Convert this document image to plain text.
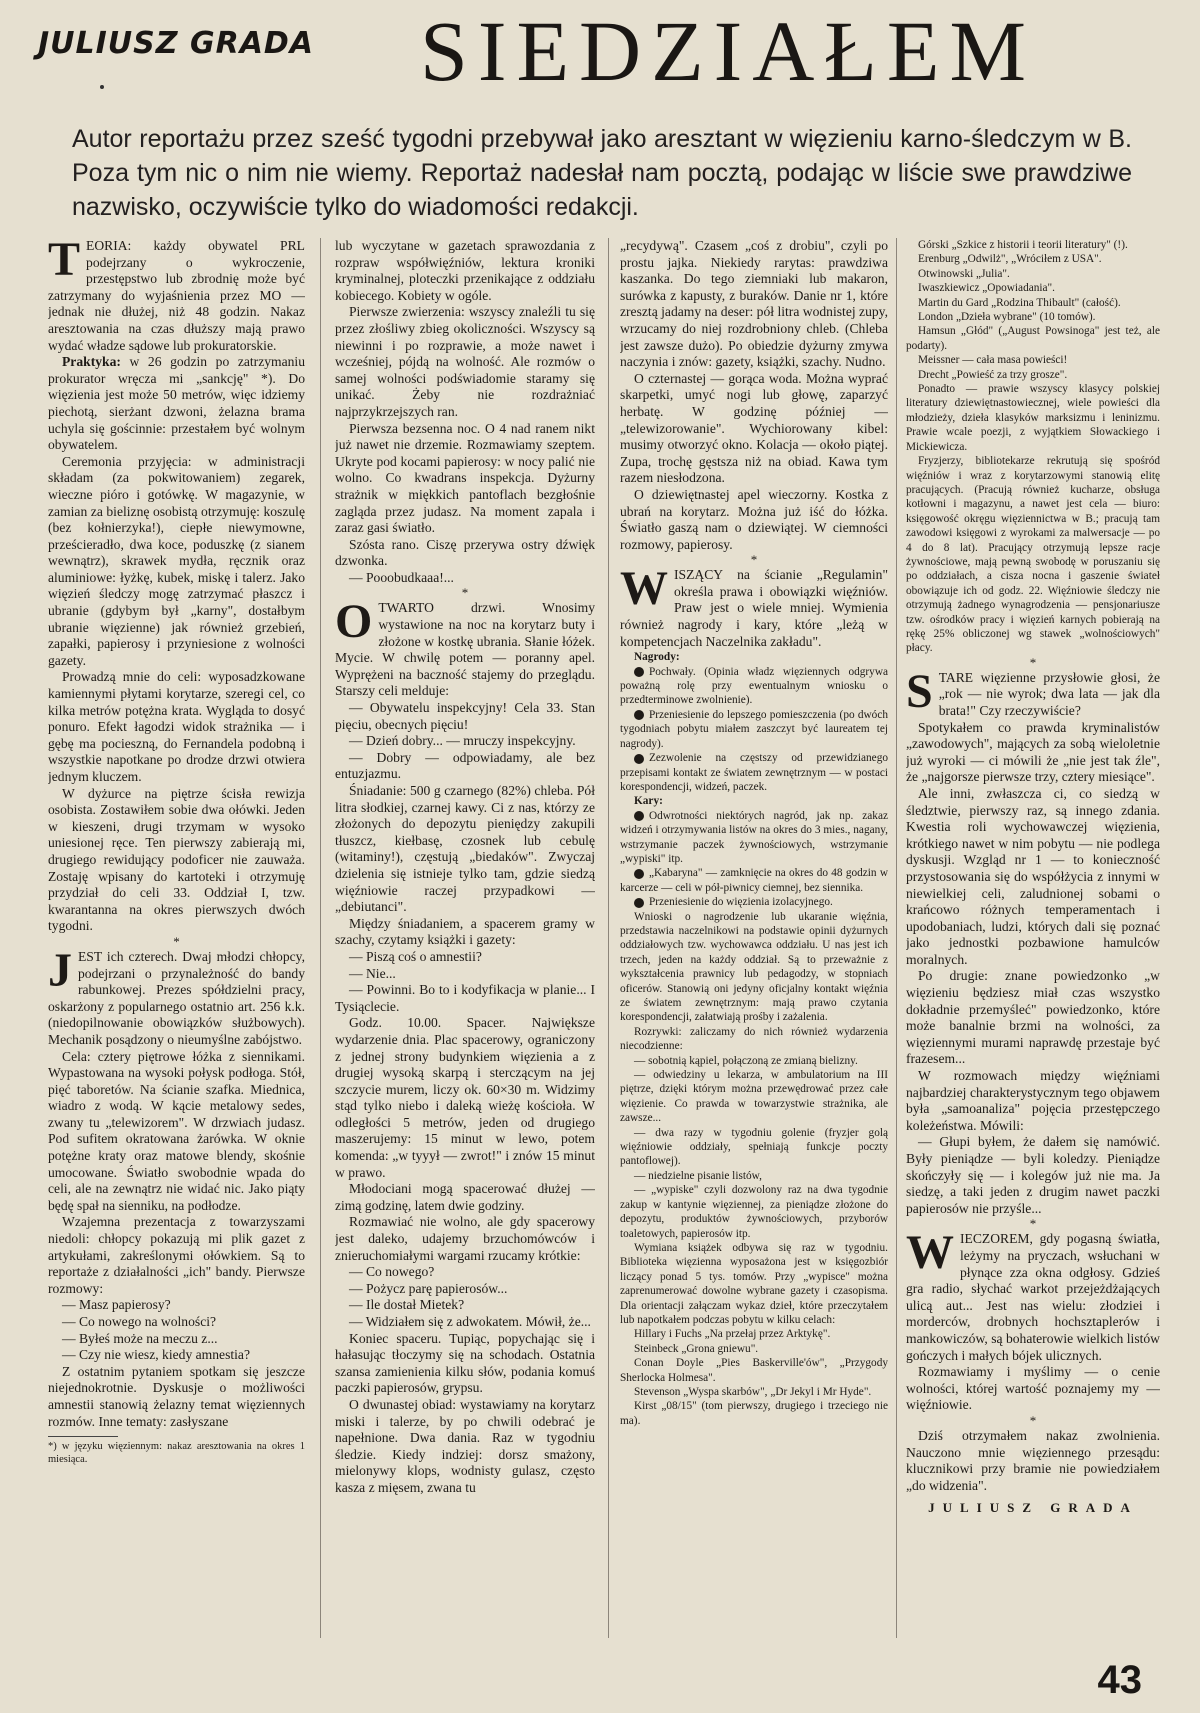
JULIUSZ GRADA SIEDZIAŁEM
Autor reportażu przez sześć tygodni przebywał jako aresztant w więzieniu karno-śledczym w B. Poza tym nic o nim nie wiemy. Reportaż nadesłał nam pocztą, podając w liście swe prawdziwe nazwisko, oczywiście tylko do wiadomości redakcji.

TEORIA: każdy obywatel PRL podejrzany o wykroczenie, przestępstwo lub zbrodnię może być zatrzymany do wyjaśnienia przez MO — jednak nie dłużej, niż 48 godzin. Nakaz aresztowania na czas dłuższy mają prawo wydać władze sądowe lub prokuratorskie.

Praktyka: w 26 godzin po zatrzymaniu prokurator wręcza mi „sankcję" *). Do więzienia jest może 50 metrów, więc idziemy piechotą, sierżant dzwoni, żelazna brama uchyla się gościnnie: przestałem być wolnym obywatelem.

Ceremonia przyjęcia: w administracji składam (za pokwitowaniem) zegarek, wieczne pióro i gotówkę. W magazynie, w zamian za bieliznę osobistą otrzymuję: koszulę (bez kołnierzyka!), ciepłe niewymowne, prześcieradło, dwa koce, poduszkę (z sianem wewnątrz), skrawek mydła, ręcznik oraz aluminiowe: łyżkę, kubek, miskę i talerz. Jako więzień śledczy mogę zatrzymać płaszcz i ubranie (gdybym był „karny", dostałbym ubranie więzienne) jak również grzebień, zapałki, papierosy i przyniesione z wolności gazety.

Prowadzą mnie do celi: wyposadzkowane kamiennymi płytami korytarze, szeregi cel, co kilka metrów potężna krata. Wygląda to dosyć ponuro. Efekt łagodzi widok strażnika — i gębę ma pocieszną, do Fernandela podobną i wszystkie napotkane po drodze drzwi otwiera jednym kluczem.

W dyżurce na piętrze ścisła rewizja osobista. Zostawiłem sobie dwa ołówki. Jeden w kieszeni, drugi trzymam w wysoko uniesionej ręce. Ten pierwszy zabierają mi, drugiego rewidujący podoficer nie zauważa. Zostaję wpisany do kartoteki i otrzymuję przydział do celi 33. Oddział I, tzw. kwarantanna na okres pierwszych dwóch tygodni.

*

JEST ich czterech. Dwaj młodzi chłopcy, podejrzani o przynależność do bandy rabunkowej. Prezes spółdzielni pracy, oskarżony z popularnego ostatnio art. 256 k.k. (niedopilnowanie obowiązków służbowych). Mechanik posądzony o nieumyślne zabójstwo.

Cela: cztery piętrowe łóżka z siennikami. Wypastowana na wysoki połysk podłoga. Stół, pięć taboretów. Na ścianie szafka. Miednica, wiadro z wodą. W kącie metalowy sedes, zwany tu „telewizorem". W drzwiach judasz. Pod sufitem okratowana żarówka. W oknie potężne kraty oraz matowe blendy, skośnie umocowane. Światło swobodnie wpada do celi, ale na zewnątrz nie widać nic. Jako piąty będę spał na sienniku, na podłodze.

Wzajemna prezentacja z towarzyszami niedoli: chłopcy pokazują mi plik gazet z artykułami, zakreślonymi ołówkiem. Są to reportaże z działalności „ich" bandy. Pierwsze rozmowy:

— Masz papierosy?

— Co nowego na wolności?

— Byłeś może na meczu z...

— Czy nie wiesz, kiedy amnestia?

Z ostatnim pytaniem spotkam się jeszcze niejednokrotnie. Dyskusje o możliwości amnestii stanowią żelazny temat więziennych rozmów. Inne tematy: zasłyszane

*) w języku więziennym: nakaz aresztowania na okres 1 miesiąca.

lub wyczytane w gazetach sprawozdania z rozpraw współwięźniów, lektura kroniki kryminalnej, ploteczki przenikające z oddziału kobiecego. Kobiety w ogóle.

Pierwsze zwierzenia: wszyscy znaleźli tu się przez złośliwy zbieg okoliczności. Wszyscy są niewinni i po rozprawie, a może nawet i wcześniej, pójdą na wolność. Ale rozmów o samej wolności podświadomie staramy się unikać. Żeby nie rozdrażniać najprzykrzejszych ran.

Pierwsza bezsenna noc. O 4 nad ranem nikt już nawet nie drzemie. Rozmawiamy szeptem. Ukryte pod kocami papierosy: w nocy palić nie wolno. Co kwadrans inspekcja. Dyżurny strażnik w miękkich pantoflach bezgłośnie zagląda przez judasz. Na moment zapala i zaraz gasi światło.

Szósta rano. Ciszę przerywa ostry dźwięk dzwonka.

— Pooobudkaaa!...

*

OTWARTO drzwi. Wnosimy wystawione na noc na korytarz buty i złożone w kostkę ubrania. Słanie łóżek. Mycie. W chwilę potem — poranny apel. Wyprężeni na baczność stajemy do przeglądu. Starszy celi melduje:

— Obywatelu inspekcyjny! Cela 33. Stan pięciu, obecnych pięciu!

— Dzień dobry... — mruczy inspekcyjny.

— Dobry — odpowiadamy, ale bez entuzjazmu.

Śniadanie: 500 g czarnego (82%) chleba. Pół litra słodkiej, czarnej kawy. Ci z nas, którzy ze złożonych do depozytu pieniędzy zakupili tłuszcz, kiełbasę, czosnek lub cebulę (witaminy!), częstują „biedaków". Zwyczaj dzielenia się istnieje tylko tam, gdzie siedzą więźniowie raczej przypadkowi — „debiutanci".

Między śniadaniem, a spacerem gramy w szachy, czytamy książki i gazety:

— Piszą coś o amnestii?

— Nie...

— Powinni. Bo to i kodyfikacja w planie... I Tysiąclecie.

Godz. 10.00. Spacer. Największe wydarzenie dnia. Plac spacerowy, ograniczony z jednej strony budynkiem więzienia a z drugiej wysoką skarpą i sterczącym na jej szczycie murem, liczy ok. 60×30 m. Widzimy stąd tylko niebo i daleką wieżę kościoła. W odległości 5 metrów, jeden od drugiego maszerujemy: 15 minut w lewo, potem komenda: „w tyyył — zwrot!" i znów 15 minut w prawo.

Młodociani mogą spacerować dłużej — zimą godzinę, latem dwie godziny.

Rozmawiać nie wolno, ale gdy spacerowy jest daleko, udajemy brzuchomówców i znieruchomiałymi wargami rzucamy krótkie:

— Co nowego?

— Pożycz parę papierosów...

— Ile dostał Mietek?

— Widziałem się z adwokatem. Mówił, że...

Koniec spaceru. Tupiąc, popychając się i hałasując tłoczymy się na schodach. Ostatnia szansa zamienienia kilku słów, podania komuś paczki papierosów, grypsu.

O dwunastej obiad: wystawiamy na korytarz miski i talerze, by po chwili odebrać je napełnione. Dwa dania. Raz w tygodniu śledzie. Kiedy indziej: dorsz smażony, mielonywy klops, wodnisty gulasz, często kasza z mięsem, zwana tu

„recydywą". Czasem „coś z drobiu", czyli po prostu jajka. Niekiedy rarytas: prawdziwa kaszanka. Do tego ziemniaki lub makaron, surówka z kapusty, z buraków. Danie nr 1, które zresztą jadamy na deser: pół litra wodnistej zupy, wrzucamy do niej rozdrobniony chleb. (Chleba jest zawsze dużo). Po obiedzie dyżurny zmywa naczynia i znów: gazety, książki, szachy. Nudno.

O czternastej — gorąca woda. Można wyprać skarpetki, umyć nogi lub głowę, zaparzyć herbatę. W godzinę później — „telewizorowanie". Wychiorowany kibel: musimy otworzyć okno. Kolacja — około piątej. Zupa, trochę gęstsza niż na obiad. Kawa tym razem niesłodzona.

O dziewiętnastej apel wieczorny. Kostka z ubrań na korytarz. Można już iść do łóżka. Światło gaszą nam o dziewiątej. W ciemności rozmowy, papierosy.

*

WISZĄCY na ścianie „Regulamin" określa prawa i obowiązki więźniów. Praw jest o wiele mniej. Wymienia również nagrody i kary, które „leżą w kompetencjach Naczelnika zakładu".

Nagrody:

Pochwały. (Opinia władz więziennych odgrywa poważną rolę przy ewentualnym wniosku o przedterminowe zwolnienie).

Przeniesienie do lepszego pomieszczenia (po dwóch tygodniach pobytu miałem zaszczyt być laureatem tej nagrody).

Zezwolenie na częstszy od przewidzianego przepisami kontakt ze światem zewnętrznym — w postaci korespondencji, widzeń, paczek.

Kary:

Odwrotności niektórych nagród, jak np. zakaz widzeń i otrzymywania listów na okres do 3 mies., nagany, wstrzymanie paczek żywnościowych, wstrzymanie „wypiski" itp.

„Kabaryna" — zamknięcie na okres do 48 godzin w karcerze — celi w pół-piwnicy ciemnej, bez siennika.

Przeniesienie do więzienia izolacyjnego.

Wnioski o nagrodzenie lub ukaranie więźnia, przedstawia naczelnikowi na podstawie opinii dyżurnych oddziałowych tzw. wychowawca oddziału. U nas jest ich trzech, jeden na każdy oddział. Są to przeważnie z wykształcenia prawnicy lub pedagodzy, w stopniach oficerów. Stanowią oni jedyny oficjalny kontakt więźnia ze światem zewnętrznym: mają prawo czytania korespondencji, załatwiają prośby i zażalenia.

Rozrywki: zaliczamy do nich również wydarzenia niecodzienne:

— sobotnią kąpiel, połączoną ze zmianą bielizny.

— odwiedziny u lekarza, w ambulatorium na III piętrze, dzięki którym można przewędrować przez całe więzienie. Co prawda w towarzystwie strażnika, ale zawsze...

— dwa razy w tygodniu golenie (fryzjer golą więźniowie oddziały, spełniają funkcje poczty pantoflowej).

— niedzielne pisanie listów,

— „wypiske" czyli dozwolony raz na dwa tygodnie zakup w kantynie więziennej, za pieniądze złożone do depozytu, produktów żywnościowych, przyborów toaletowych, papierosów itp.

Wymiana książek odbywa się raz w tygodniu. Biblioteka więzienna wyposażona jest w księgozbiór liczący ponad 5 tys. tomów. Przy „wypisce" można zaprenumerować dowolne wybrane gazety i czasopisma. Dla orientacji załączam wykaz dzieł, które przeczytałem lub napotkałem podczas pobytu w kilku celach:

Hillary i Fuchs „Na przełaj przez Arktykę".

Steinbeck „Grona gniewu".

Conan Doyle „Pies Baskerville'ów", „Przygody Sherlocka Holmesa".

Stevenson „Wyspa skarbów", „Dr Jekyl i Mr Hyde".

Kirst „08/15" (tom pierwszy, drugiego i trzeciego nie ma).

Górski „Szkice z historii i teorii literatury" (!).

Erenburg „Odwilż", „Wróciłem z USA".

Otwinowski „Julia".

Iwaszkiewicz „Opowiadania".

Martin du Gard „Rodzina Thibault" (całość).

London „Dzieła wybrane" (10 tomów).

Hamsun „Głód" („August Powsinoga" jest też, ale podarty).

Meissner — cała masa powieści!

Drecht „Powieść za trzy grosze".

Ponadto — prawie wszyscy klasycy polskiej literatury dziewiętnastowiecznej, wiele powieści dla młodzieży, dzieła klasyków marksizmu i leninizmu. Prawie wcale poezji, z wyjątkiem Słowackiego i Mickiewicza.

Fryzjerzy, bibliotekarze rekrutują się spośród więźniów i wraz z korytarzowymi stanowią elitę pracujących. (Pracują również kucharze, obsługa kotłowni i magazynu, a nawet jest cela — biuro: księgowość okręgu więziennictwa w B.; pracują tam zawodowi księgowi z wyrokami za malwersacje — po 4 do 8 lat). Pracujący otrzymują lepsze racje żywnościowe, mają pewną swobodę w poruszaniu się po oddziałach, a cisza nocna i gaszenie świateł obowiązuje ich od godz. 22. Więźniowie śledczy nie otrzymują żadnego wynagrodzenia — pensjonariusze tzw. ośrodków pracy i więzień karnych pobierają na rękę 25% obliczonej wg stawek „wolnościowych" płacy.

*

STARE więzienne przysłowie głosi, że „rok — nie wyrok; dwa lata — jak dla brata!" Czy rzeczywiście?

Spotykałem co prawda kryminalistów „zawodowych", mających za sobą wieloletnie już wyroki — ci mówili że „nie jest tak źle", że „najgorsze pierwsze trzy, cztery miesiące".

Ale inni, zwłaszcza ci, co siedzą w śledztwie, pierwszy raz, są innego zdania. Kwestia roli wychowawczej więzienia, krótkiego nawet w nim pobytu — nie podlega dyskusji. Wzgląd nr 1 — to konieczność przystosowania się do współżycia z innymi w niewielkiej celi, zaludnionej sobami o krańcowo różnych temperamentach i upodobaniach, ludzi, których dali się poznać jako jednostki pozbawione hamulców moralnych.

Po drugie: znane powiedzonko „w więzieniu będziesz miał czas wszystko dokładnie przemyśleć" powiedzonko, które może banalnie brzmi na wolności, za więziennymi murami naprawdę przestaje być frazesem...

W rozmowach między więźniami najbardziej charakterystycznym tego objawem była „samoanaliza" pojęcia przestępczego koleżeństwa. Mówili:

— Głupi byłem, że dałem się namówić. Były pieniądze — byli koledzy. Pieniądze skończyły się — i kolegów już nie ma. Ja siedzę, a taki jeden z drugim nawet paczki papierosów nie przyśle...

*

WIECZOREM, gdy pogasną światła, leżymy na pryczach, wsłuchani w płynące zza okna odgłosy. Gdzieś gra radio, słychać warkot przejeżdżających ulicą aut... Jest nas wielu: złodziei i morderców, drobnych hochsztaplerów i mankowiczów, są bohaterowie wielkich listów gończych i małych bójek ulicznych.

Rozmawiamy i myślimy — o cenie wolności, której wartość poznajemy my — więźniowie.

*

Dziś otrzymałem nakaz zwolnienia. Nauczono mnie więziennego przesądu: klucznikowi przy bramie nie powiedziałem „do widzenia".

JULIUSZ GRADA
43
